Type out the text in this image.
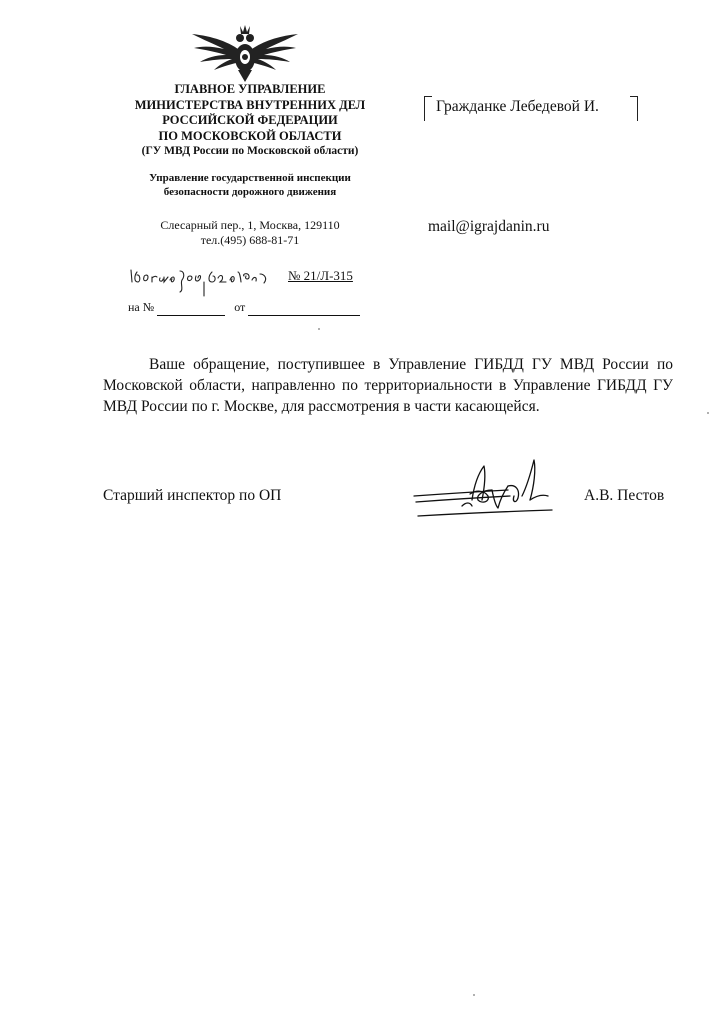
ГЛАВНОЕ УПРАВЛЕНИЕ
МИНИСТЕРСТВА ВНУТРЕННИХ ДЕЛ
РОССИЙСКОЙ ФЕДЕРАЦИИ
ПО МОСКОВСКОЙ ОБЛАСТИ
(ГУ МВД России по Московской области)
Управление государственной инспекции
безопасности дорожного движения
Слесарный пер., 1, Москва, 129110
тел.(495) 688-81-71
№ 21/Л-315
на №	от
Гражданке Лебедевой И.
mail@igrajdanin.ru
Ваше обращение, поступившее в Управление ГИБДД ГУ МВД России по Московской области, направленно по территориальности в Управление ГИБДД ГУ МВД России по г. Москве, для рассмотрения в части касающейся.
Старший инспектор по ОП	А.В. Пестов
